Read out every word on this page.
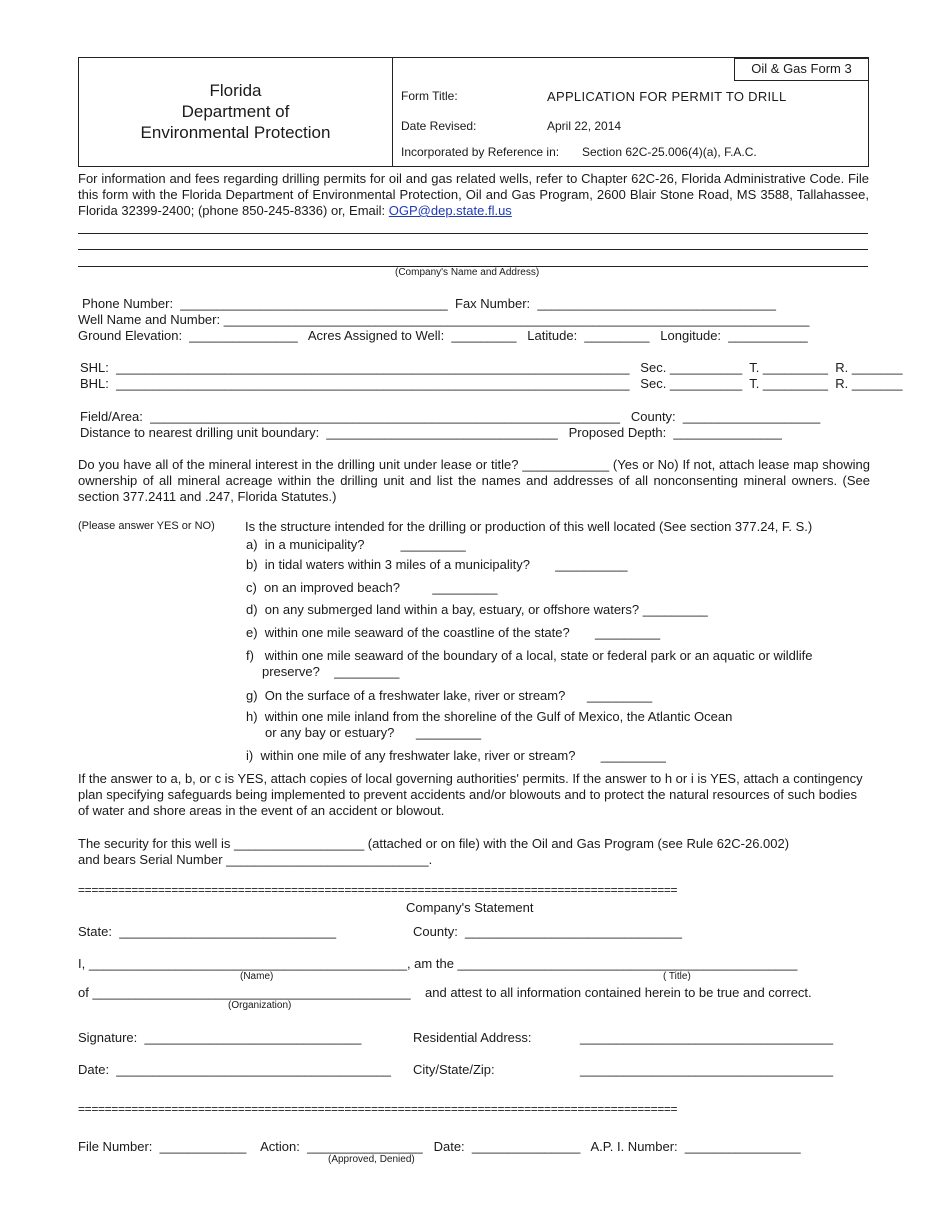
Oil & Gas Form 3
Florida
Department of
Environmental Protection
Form Title:	APPLICATION FOR PERMIT TO DRILL
Date Revised:	April 22, 2014
Incorporated by Reference in: Section 62C-25.006(4)(a), F.A.C.
For information and fees regarding drilling permits for oil and gas related wells, refer to Chapter 62C-26, Florida Administrative Code. File this form with the Florida Department of Environmental Protection, Oil and Gas Program, 2600 Blair Stone Road, MS 3588, Tallahassee, Florida 32399-2400; (phone 850-245-8336) or, Email: OGP@dep.state.fl.us
(Company's Name and Address)
Phone Number:  _____________________________________  Fax Number:  _________________________________
Well Name and Number: _________________________________________________________________________________
Ground Elevation:  _______________   Acres Assigned to Well:  _________   Latitude:  _________   Longitude:  ___________
SHL:  _______________________________________________________________________   Sec. __________  T. _________  R. _______
BHL:  _______________________________________________________________________   Sec. __________  T. _________  R. _______
Field/Area:  _________________________________________________________________   County:  ___________________
Distance to nearest drilling unit boundary:  ________________________________   Proposed Depth:  _______________
Do you have all of the mineral interest in the drilling unit under lease or title? ____________ (Yes or No) If not, attach lease map showing ownership of all mineral acreage within the drilling unit and list the names and addresses of all nonconsenting mineral owners. (See section 377.2411 and .247, Florida Statutes.)
(Please answer YES or NO) Is the structure intended for the drilling or production of this well located (See section 377.24, F. S.)
a)  in a municipality?          _________
b)  in tidal waters within 3 miles of a municipality?       __________
c)  on an improved beach?         _________
d)  on any submerged land within a bay, estuary, or offshore waters? _________
e)  within one mile seaward of the coastline of the state?       _________
f)   within one mile seaward of the boundary of a local, state or federal park or an aquatic or wildlife
preserve?    _________
g)  On the surface of a freshwater lake, river or stream?      _________
h)  within one mile inland from the shoreline of the Gulf of Mexico, the Atlantic Ocean
or any bay or estuary?      _________
i)  within one mile of any freshwater lake, river or stream?       _________
If the answer to a, b, or c is YES, attach copies of local governing authorities' permits. If the answer to h or i is YES, attach a contingency plan specifying safeguards being implemented to prevent accidents and/or blowouts and to protect the natural resources of such bodies of water and shore areas in the event of an accident or blowout.
The security for this well is __________________ (attached or on file) with the Oil and Gas Program (see Rule 62C-26.002)
and bears Serial Number ____________________________.
==========================================================================================
Company's Statement
State:  ______________________________	County:  ______________________________
I, ____________________________________________, am the _______________________________________________
(Name)	( Title)
of ____________________________________________    and attest to all information contained herein to be true and correct.
(Organization)
Signature:  ______________________________	Residential Address:	___________________________________
Date:  ______________________________________ City/State/Zip:	___________________________________
==========================================================================================
File Number:  ____________    Action:  ________________   Date:  _______________   A.P. I. Number:  ________________
(Approved, Denied)
